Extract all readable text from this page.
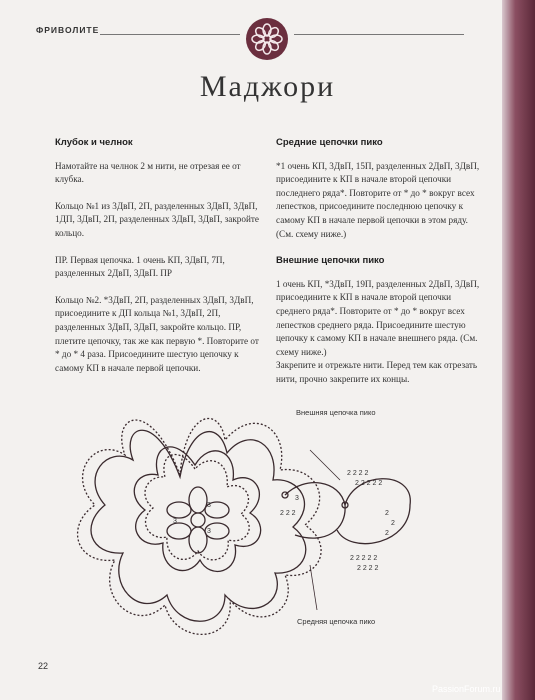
ФРИВОЛИТЕ
Маджори
Клубок и челнок

Намотайте на челнок 2 м нити, не отрезая ее от клубка.

Кольцо №1 из 3ДвП, 2П, разделенных 3ДвП, 3ДвП, 1ДП, 3ДвП, 2П, разделенных 3ДвП, 3ДвП, закройте кольцо.

ПР. Первая цепочка. 1 очень КП, 3ДвП, 7П, разделенных 2ДвП, 3ДвП. ПР

Кольцо №2. *3ДвП, 2П, разделенных 3ДвП, 3ДвП, присоедините к ДП кольца №1, 3ДвП, 2П, разделенных 3ДвП, 3ДвП, закройте кольцо. ПР, плетите цепочку, так же как первую *. Повторите от * до * 4 раза. Присоедините шестую цепочку к самому КП в начале первой цепочки.

Средние цепочки пико

*1 очень КП, 3ДвП, 15П, разделенных 2ДвП, 3ДвП, присоедините к КП в начале второй цепочки последнего ряда*. Повторите от * до * вокруг всех лепестков, присоедините последнюю цепочку к самому КП в начале первой цепочки в этом ряду. (См. схему ниже.)

Внешние цепочки пико

1 очень КП, *3ДвП, 19П, разделенных 2ДвП, 3ДвП, присоедините к КП в начале второй цепочки среднего ряда*. Повторите от * до * вокруг всех лепестков среднего ряда. Присоедините шестую цепочку к самому КП в начале внешнего ряда. (См. схему ниже.)

Закрепите и отрежьте нити. Перед тем как отрезать нити, прочно закрепите их концы.

Внешняя цепочка пико
Средняя цепочка пико
2 2 2 2
2 2 2 2 2
3
2 2 2	2
2
2
2 2 2 2 2
2 2 2 2
3
3
3
22
PassionForum.ru
